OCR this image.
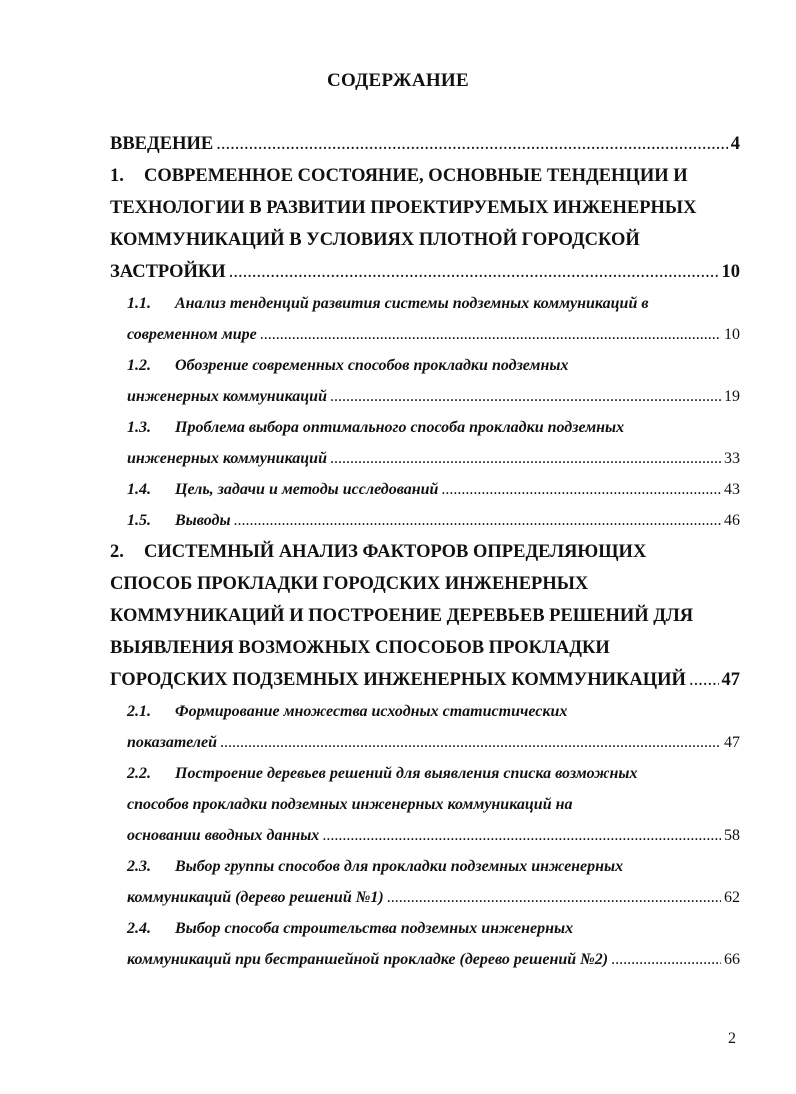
СОДЕРЖАНИЕ
ВВЕДЕНИЕ .....	4
1. СОВРЕМЕННОЕ СОСТОЯНИЕ, ОСНОВНЫЕ ТЕНДЕНЦИИ И
ТЕХНОЛОГИИ В РАЗВИТИИ ПРОЕКТИРУЕМЫХ ИНЖЕНЕРНЫХ
КОММУНИКАЦИЙ В УСЛОВИЯХ ПЛОТНОЙ ГОРОДСКОЙ
ЗАСТРОЙКИ .....	10
1.1. Анализ тенденций развития системы подземных коммуникаций в
современном мире .....	10
1.2. Обозрение современных способов прокладки подземных
инженерных коммуникаций .....	19
1.3. Проблема выбора оптимального способа прокладки подземных
инженерных коммуникаций .....	33
1.4. Цель, задачи и методы исследований .....	43
1.5. Выводы .....	46
2. СИСТЕМНЫЙ АНАЛИЗ ФАКТОРОВ ОПРЕДЕЛЯЮЩИХ
СПОСОБ ПРОКЛАДКИ ГОРОДСКИХ ИНЖЕНЕРНЫХ
КОММУНИКАЦИЙ И ПОСТРОЕНИЕ ДЕРЕВЬЕВ РЕШЕНИЙ ДЛЯ
ВЫЯВЛЕНИЯ ВОЗМОЖНЫХ СПОСОБОВ ПРОКЛАДКИ
ГОРОДСКИХ ПОДЗЕМНЫХ ИНЖЕНЕРНЫХ КОММУНИКАЦИЙ ..... 47
2.1. Формирование множества исходных статистических
показателей .....	47
2.2. Построение деревьев решений для выявления списка возможных
способов прокладки подземных инженерных коммуникаций на
основании вводных данных .....	58
2.3. Выбор группы способов для прокладки подземных инженерных
коммуникаций (дерево решений №1) .....	62
2.4. Выбор способа строительства подземных инженерных
коммуникаций при бестраншейной прокладке (дерево решений №2) .....	66
2
